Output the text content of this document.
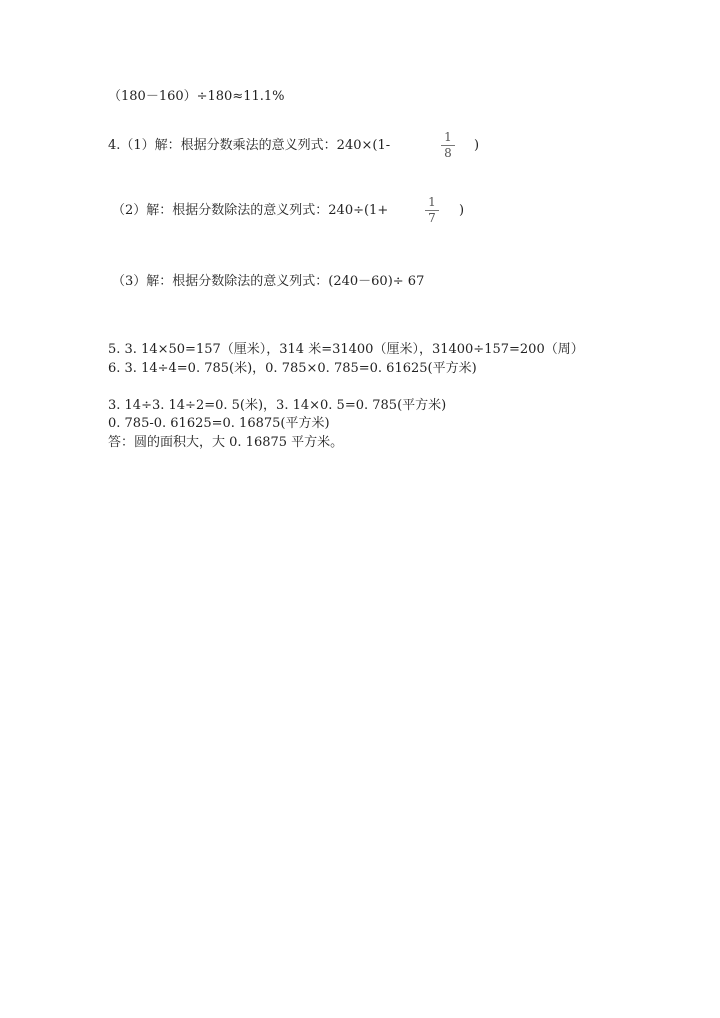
（180－160）÷180≈11.1%
4.（1）解：根据分数乘法的意义列式：240×(1-
1
8 )
（2）解：根据分数除法的意义列式：240÷(1+
1
7 )
（3）解：根据分数除法的意义列式：(240－60)÷ 67
5. 3. 14×50=157（厘米），314 米=31400（厘米），31400÷157=200（周）
6. 3. 14÷4=0. 785(米)，0. 785×0. 785=0. 61625(平方米)
3. 14÷3. 14÷2=0. 5(米)，3. 14×0. 5=0. 785(平方米)
0. 785-0. 61625=0. 16875(平方米)
答：圆的面积大，大 0. 16875 平方米。
